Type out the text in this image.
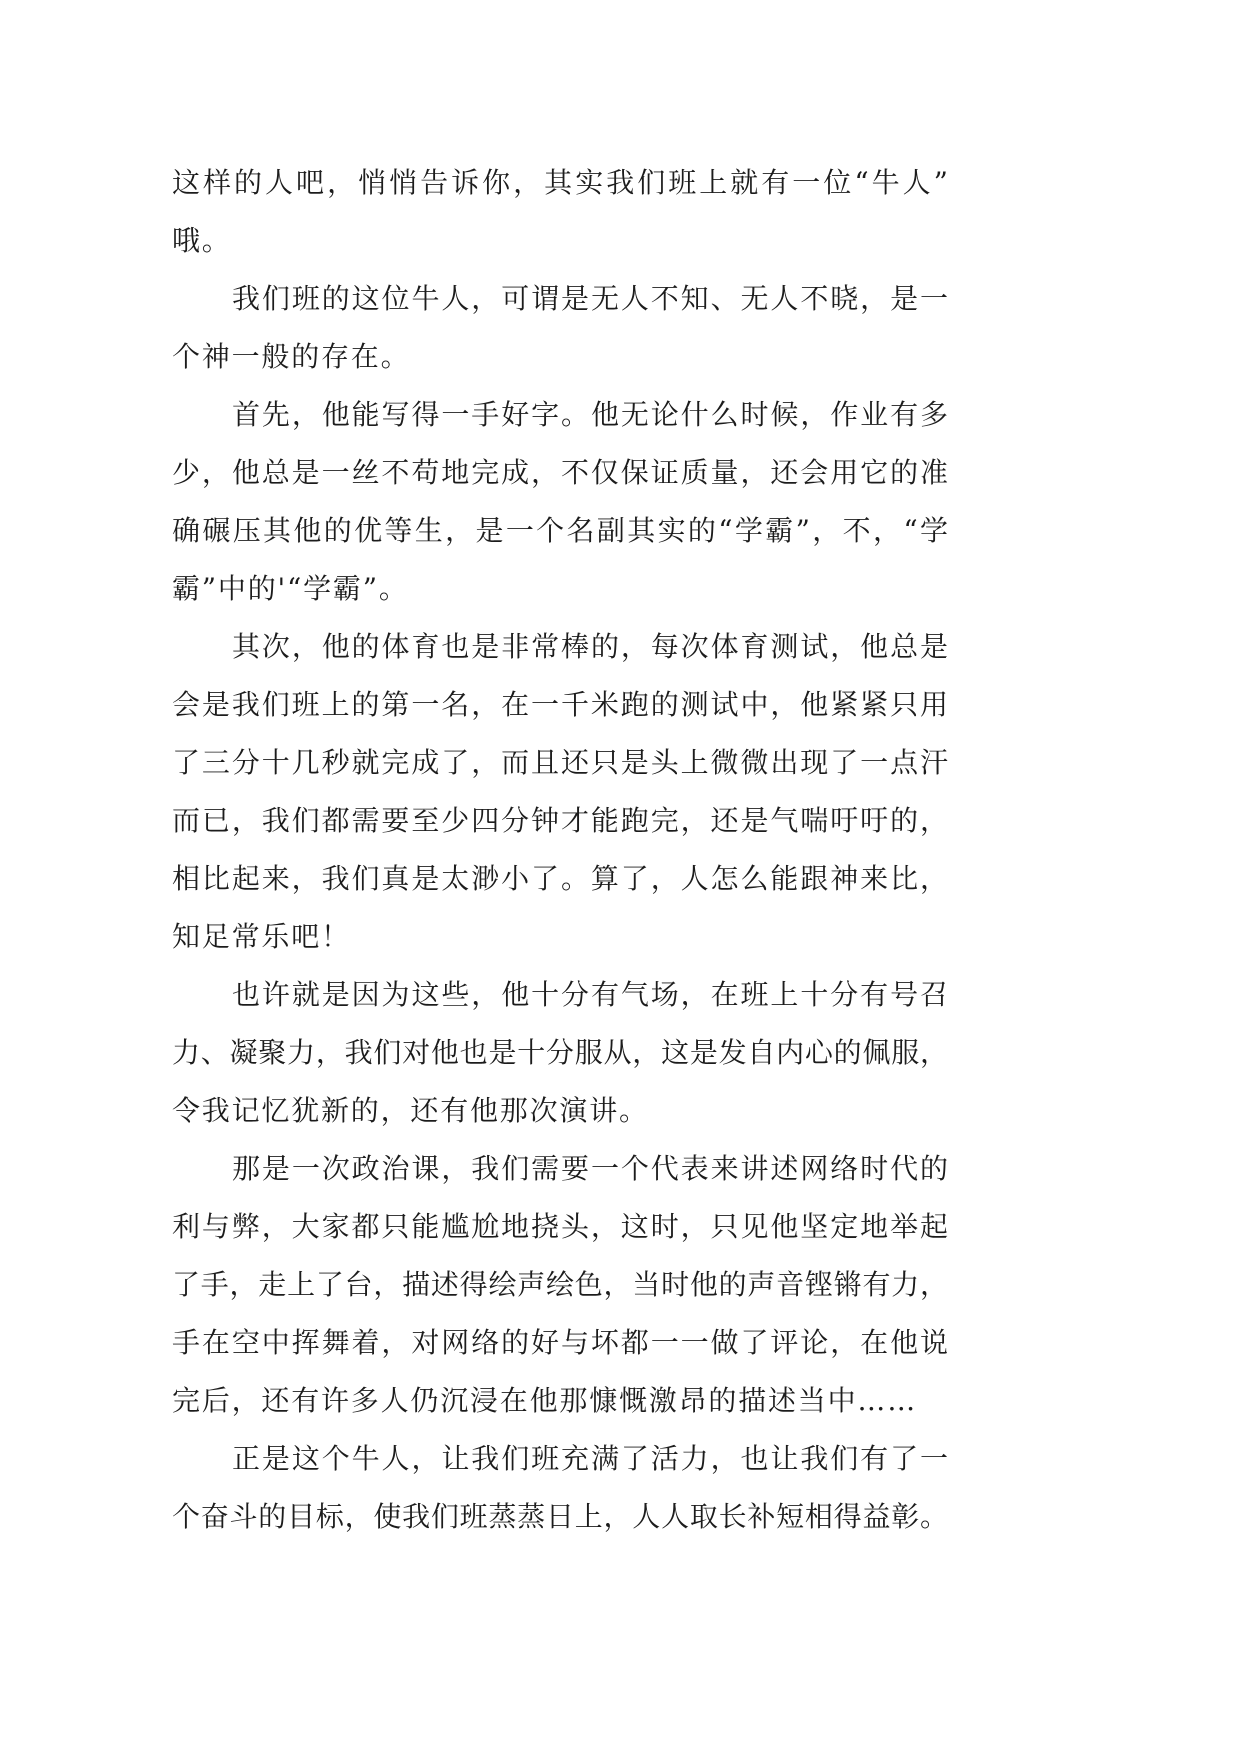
这样的人吧，悄悄告诉你，其实我们班上就有一位“牛人”
哦。
我们班的这位牛人，可谓是无人不知、无人不晓，是一
个神一般的存在。
首先，他能写得一手好字。他无论什么时候，作业有多
少，他总是一丝不苟地完成，不仅保证质量，还会用它的准
确碾压其他的优等生，是一个名副其实的“学霸”，不，“学
霸”中的'“学霸”。
其次，他的体育也是非常棒的，每次体育测试，他总是
会是我们班上的第一名，在一千米跑的测试中，他紧紧只用
了三分十几秒就完成了，而且还只是头上微微出现了一点汗
而已，我们都需要至少四分钟才能跑完，还是气喘吁吁的，
相比起来，我们真是太渺小了。算了，人怎么能跟神来比，
知足常乐吧！
也许就是因为这些，他十分有气场，在班上十分有号召
力、凝聚力，我们对他也是十分服从，这是发自内心的佩服，
令我记忆犹新的，还有他那次演讲。
那是一次政治课，我们需要一个代表来讲述网络时代的
利与弊，大家都只能尴尬地挠头，这时，只见他坚定地举起
了手，走上了台，描述得绘声绘色，当时他的声音铿锵有力，
手在空中挥舞着，对网络的好与坏都一一做了评论，在他说
完后，还有许多人仍沉浸在他那慷慨激昂的描述当中……
正是这个牛人，让我们班充满了活力，也让我们有了一
个奋斗的目标，使我们班蒸蒸日上，人人取长补短相得益彰。
